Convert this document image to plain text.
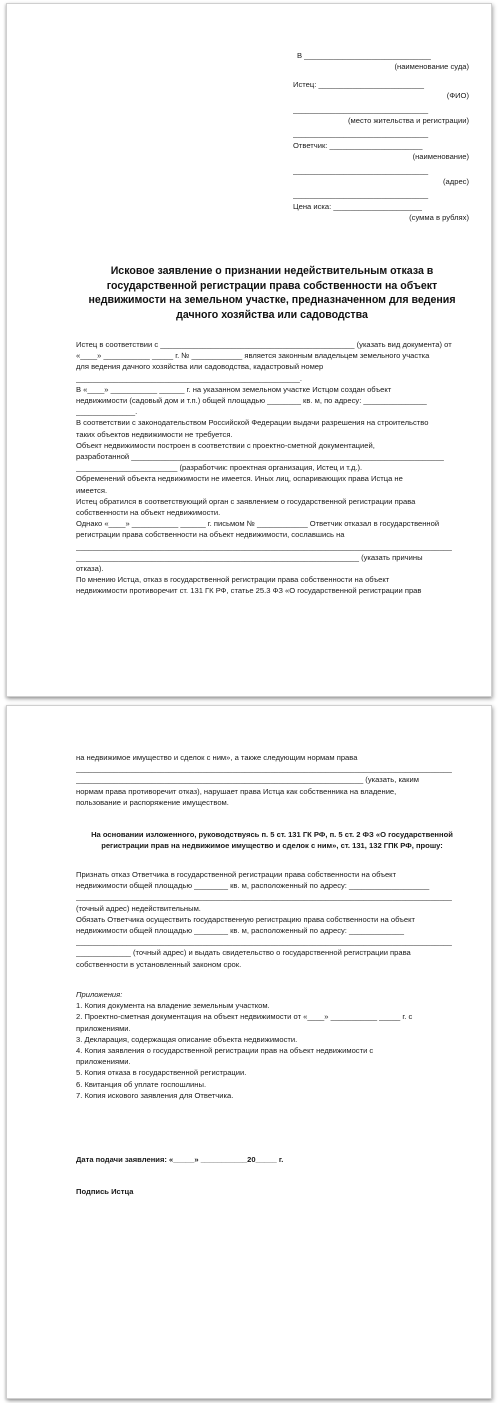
В ______________________________
(наименование суда)
Истец: _________________________
(ФИО)
________________________________
(место жительства и регистрации)
________________________________
Ответчик: ______________________
(наименование)
________________________________
(адрес)
________________________________
Цена иска: _____________________
(сумма в рублях)
Исковое заявление о признании недействительным отказа в
государственной регистрации права собственности на объект
недвижимости на земельном участке, предназначенном для ведения
дачного хозяйства или садоводства
Истец в соответствии с ______________________________________________ (указать вид документа) от
«____» ___________ _____ г. № ____________ является законным владельцем земельного участка
для ведения дачного хозяйства или садоводства, кадастровый номер
_____________________________________________________.
В «____» ___________ ______ г. на указанном земельном участке Истцом создан объект
недвижимости (садовый дом и т.п.) общей площадью ________ кв. м, по адресу: _______________
______________.
В соответствии с законодательством Российской Федерации выдачи разрешения на строительство
таких объектов недвижимости не требуется.
Объект недвижимости построен в соответствии с проектно-сметной документацией,
разработанной __________________________________________________________________________
________________________ (разработчик: проектная организация, Истец и т.д.).
Обременений объекта недвижимости не имеется. Иных лиц, оспаривающих права Истца не
имеется.
Истец обратился в соответствующий орган с заявлением о государственной регистрации права
собственности на объект недвижимости.
Однако «____» ___________ ______ г. письмом № ____________ Ответчик отказал в государственной
регистрации права собственности на объект недвижимости, сославшись на
_________________________________________________________________________________________
___________________________________________________________________ (указать причины
отказа).
По мнению Истца, отказ в государственной регистрации права собственности на объект
недвижимости противоречит ст. 131 ГК РФ, статье 25.3 ФЗ «О государственной регистрации прав
на недвижимое имущество и сделок с ним», а также следующим нормам права
_________________________________________________________________________________________
____________________________________________________________________ (указать, каким
нормам права противоречит отказ), нарушает права Истца как собственника на владение,
пользование и распоряжение имуществом.
На основании изложенного, руководствуясь п. 5 ст. 131 ГК РФ, п. 5 ст. 2 ФЗ «О государственной
регистрации прав на недвижимое имущество и сделок с ним», ст. 131, 132 ГПК РФ, прошу:
Признать отказ Ответчика в государственной регистрации права собственности на объект
недвижимости общей площадью ________ кв. м, расположенный по адресу: ___________________
_________________________________________________________________________________________
(точный адрес) недействительным.
Обязать Ответчика осуществить государственную регистрацию права собственности на объект
недвижимости общей площадью ________ кв. м, расположенный по адресу: _____________
_________________________________________________________________________________________
_____________ (точный адрес) и выдать свидетельство о государственной регистрации права
собственности в установленный законом срок.
Приложения:
1. Копия документа на владение земельным участком.
2. Проектно-сметная документация на объект недвижимости от «____» ___________ _____ г. с
приложениями.
3. Декларация, содержащая описание объекта недвижимости.
4. Копия заявления о государственной регистрации прав на объект недвижимости с
приложениями.
5. Копия отказа в государственной регистрации.
6. Квитанция об уплате госпошлины.
7. Копия искового заявления для Ответчика.
Дата подачи заявления: «_____» ___________20_____ г.
Подпись Истца
